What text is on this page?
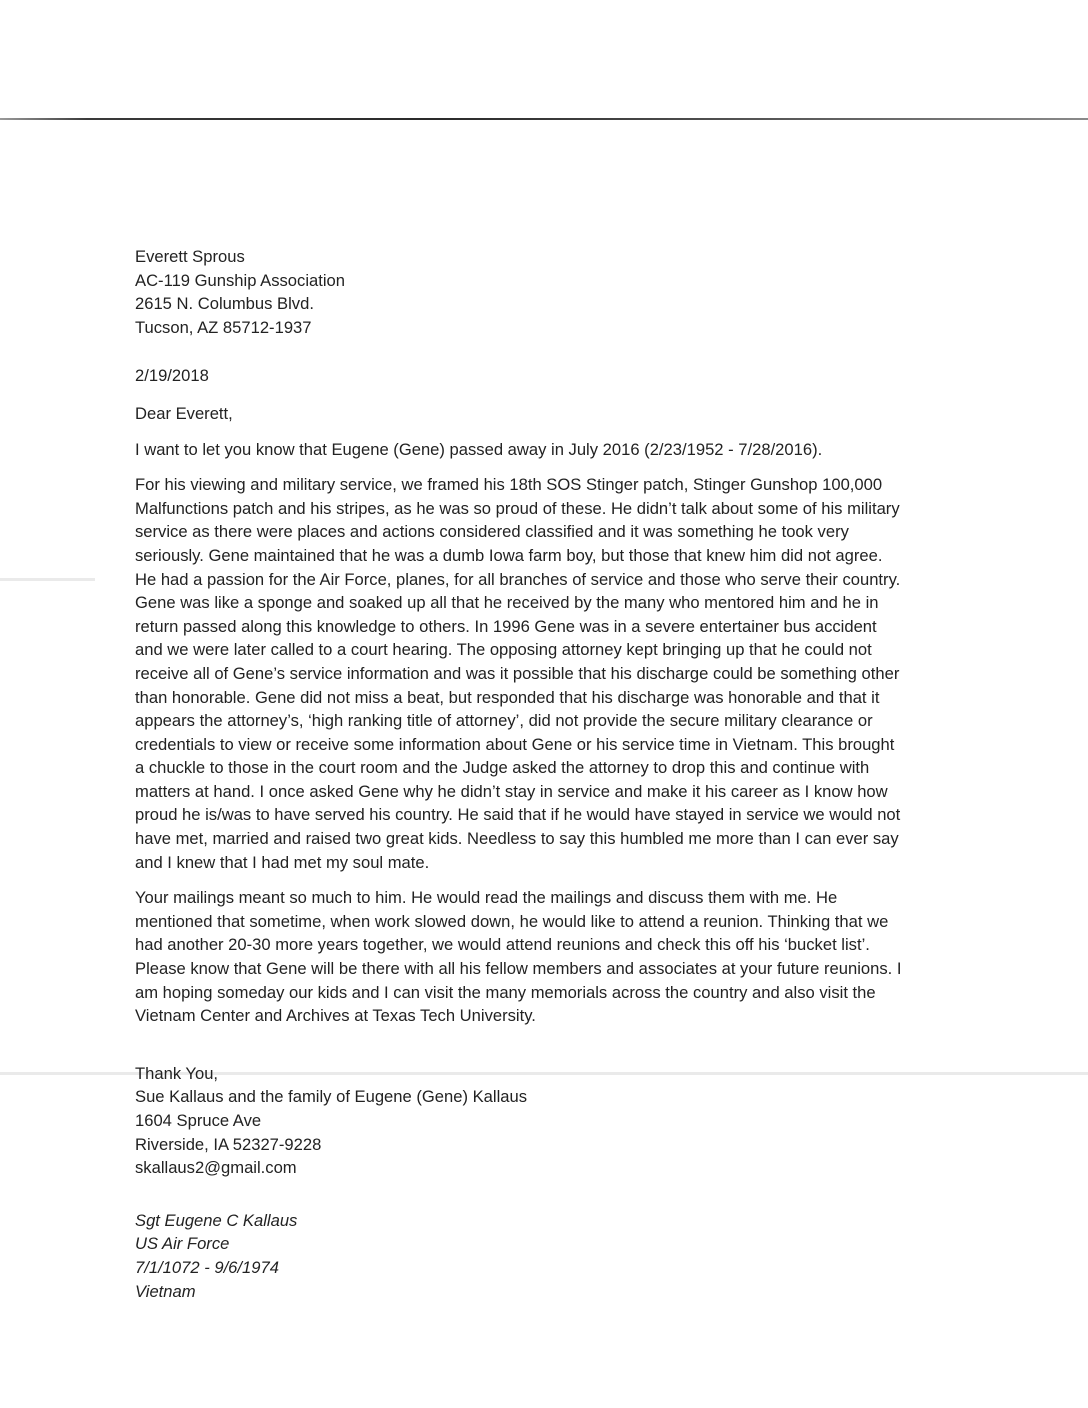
Everett Sprous
AC-119 Gunship Association
2615 N. Columbus Blvd.
Tucson, AZ 85712-1937
2/19/2018
Dear Everett,
I want to let you know that Eugene (Gene) passed away in July 2016 (2/23/1952 - 7/28/2016).
For his viewing and military service, we framed his 18th SOS Stinger patch, Stinger Gunshop 100,000
Malfunctions patch and his stripes, as he was so proud of these. He didn’t talk about some of his military
service as there were places and actions considered classified and it was something he took very
seriously. Gene maintained that he was a dumb Iowa farm boy, but those that knew him did not agree.
He had a passion for the Air Force, planes, for all branches of service and those who serve their country.
Gene was like a sponge and soaked up all that he received by the many who mentored him and he in
return passed along this knowledge to others. In 1996 Gene was in a severe entertainer bus accident
and we were later called to a court hearing. The opposing attorney kept bringing up that he could not
receive all of Gene’s service information and was it possible that his discharge could be something other
than honorable. Gene did not miss a beat, but responded that his discharge was honorable and that it
appears the attorney’s, ‘high ranking title of attorney’, did not provide the secure military clearance or
credentials to view or receive some information about Gene or his service time in Vietnam. This brought
a chuckle to those in the court room and the Judge asked the attorney to drop this and continue with
matters at hand. I once asked Gene why he didn’t stay in service and make it his career as I know how
proud he is/was to have served his country. He said that if he would have stayed in service we would not
have met, married and raised two great kids. Needless to say this humbled me more than I can ever say
and I knew that I had met my soul mate.
Your mailings meant so much to him. He would read the mailings and discuss them with me. He
mentioned that sometime, when work slowed down, he would like to attend a reunion. Thinking that we
had another 20-30 more years together, we would attend reunions and check this off his ‘bucket list’.
Please know that Gene will be there with all his fellow members and associates at your future reunions. I
am hoping someday our kids and I can visit the many memorials across the country and also visit the
Vietnam Center and Archives at Texas Tech University.
Thank You,
Sue Kallaus and the family of Eugene (Gene) Kallaus
1604 Spruce Ave
Riverside, IA 52327-9228
skallaus2@gmail.com
Sgt Eugene C Kallaus
US Air Force
7/1/1072 - 9/6/1974
Vietnam
